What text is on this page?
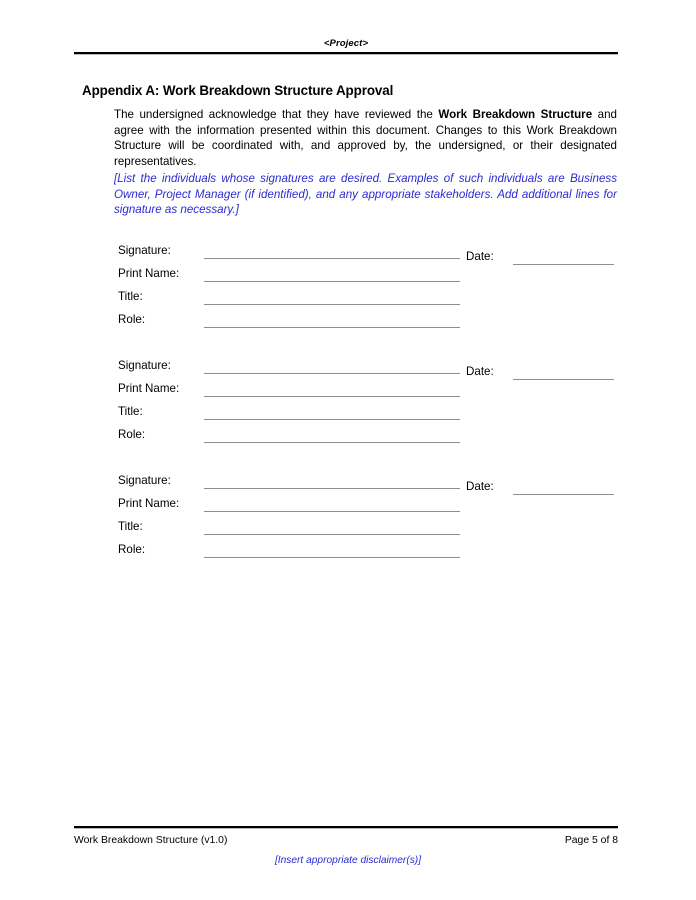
<Project>
Appendix A: Work Breakdown Structure Approval
The undersigned acknowledge that they have reviewed the Work Breakdown Structure and agree with the information presented within this document. Changes to this Work Breakdown Structure will be coordinated with, and approved by, the undersigned, or their designated representatives.
[List the individuals whose signatures are desired. Examples of such individuals are Business Owner, Project Manager (if identified), and any appropriate stakeholders. Add additional lines for signature as necessary.]
Signature:	Date:
Print Name:
Title:
Role:
Signature:	Date:
Print Name:
Title:
Role:
Signature:	Date:
Print Name:
Title:
Role:
Work Breakdown Structure (v1.0)	Page 5 of 8
[Insert appropriate disclaimer(s)]
